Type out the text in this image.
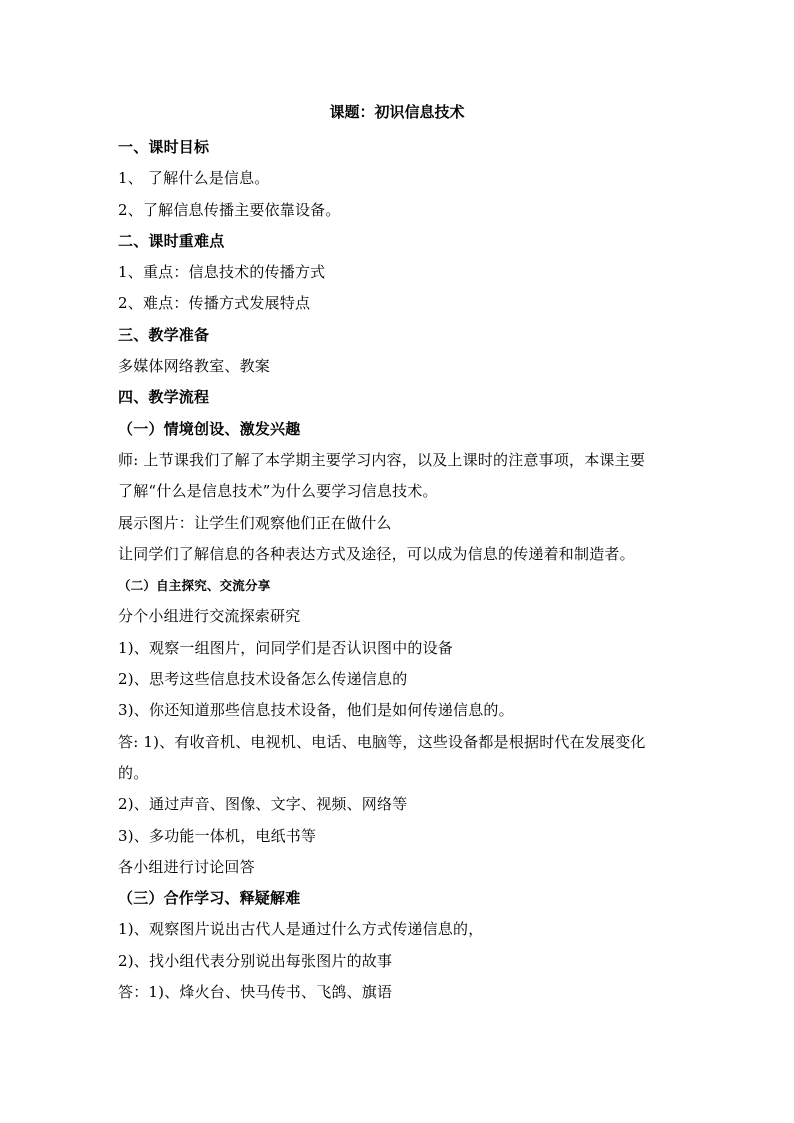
课题：初识信息技术
一、课时目标
1、 了解什么是信息。
2、了解信息传播主要依靠设备。
二、课时重难点
1、重点：信息技术的传播方式
2、难点：传播方式发展特点
三、教学准备
多媒体网络教室、教案
四、教学流程
（一）情境创设、激发兴趣
师: 上节课我们了解了本学期主要学习内容，以及上课时的注意事项，本课主要
了解“什么是信息技术”为什么要学习信息技术。
展示图片：让学生们观察他们正在做什么
让同学们了解信息的各种表达方式及途径，可以成为信息的传递着和制造者。
（二）自主探究、交流分享
分个小组进行交流探索研究
1)、观察一组图片，问同学们是否认识图中的设备
2)、思考这些信息技术设备怎么传递信息的
3)、你还知道那些信息技术设备，他们是如何传递信息的。
答: 1)、有收音机、电视机、电话、电脑等，这些设备都是根据时代在发展变化
的。
2)、通过声音、图像、文字、视频、网络等
3)、多功能一体机，电纸书等
各小组进行讨论回答
（三）合作学习、释疑解难
1)、观察图片说出古代人是通过什么方式传递信息的，
2)、找小组代表分别说出每张图片的故事
答：1)、烽火台、快马传书、飞鸽、旗语
